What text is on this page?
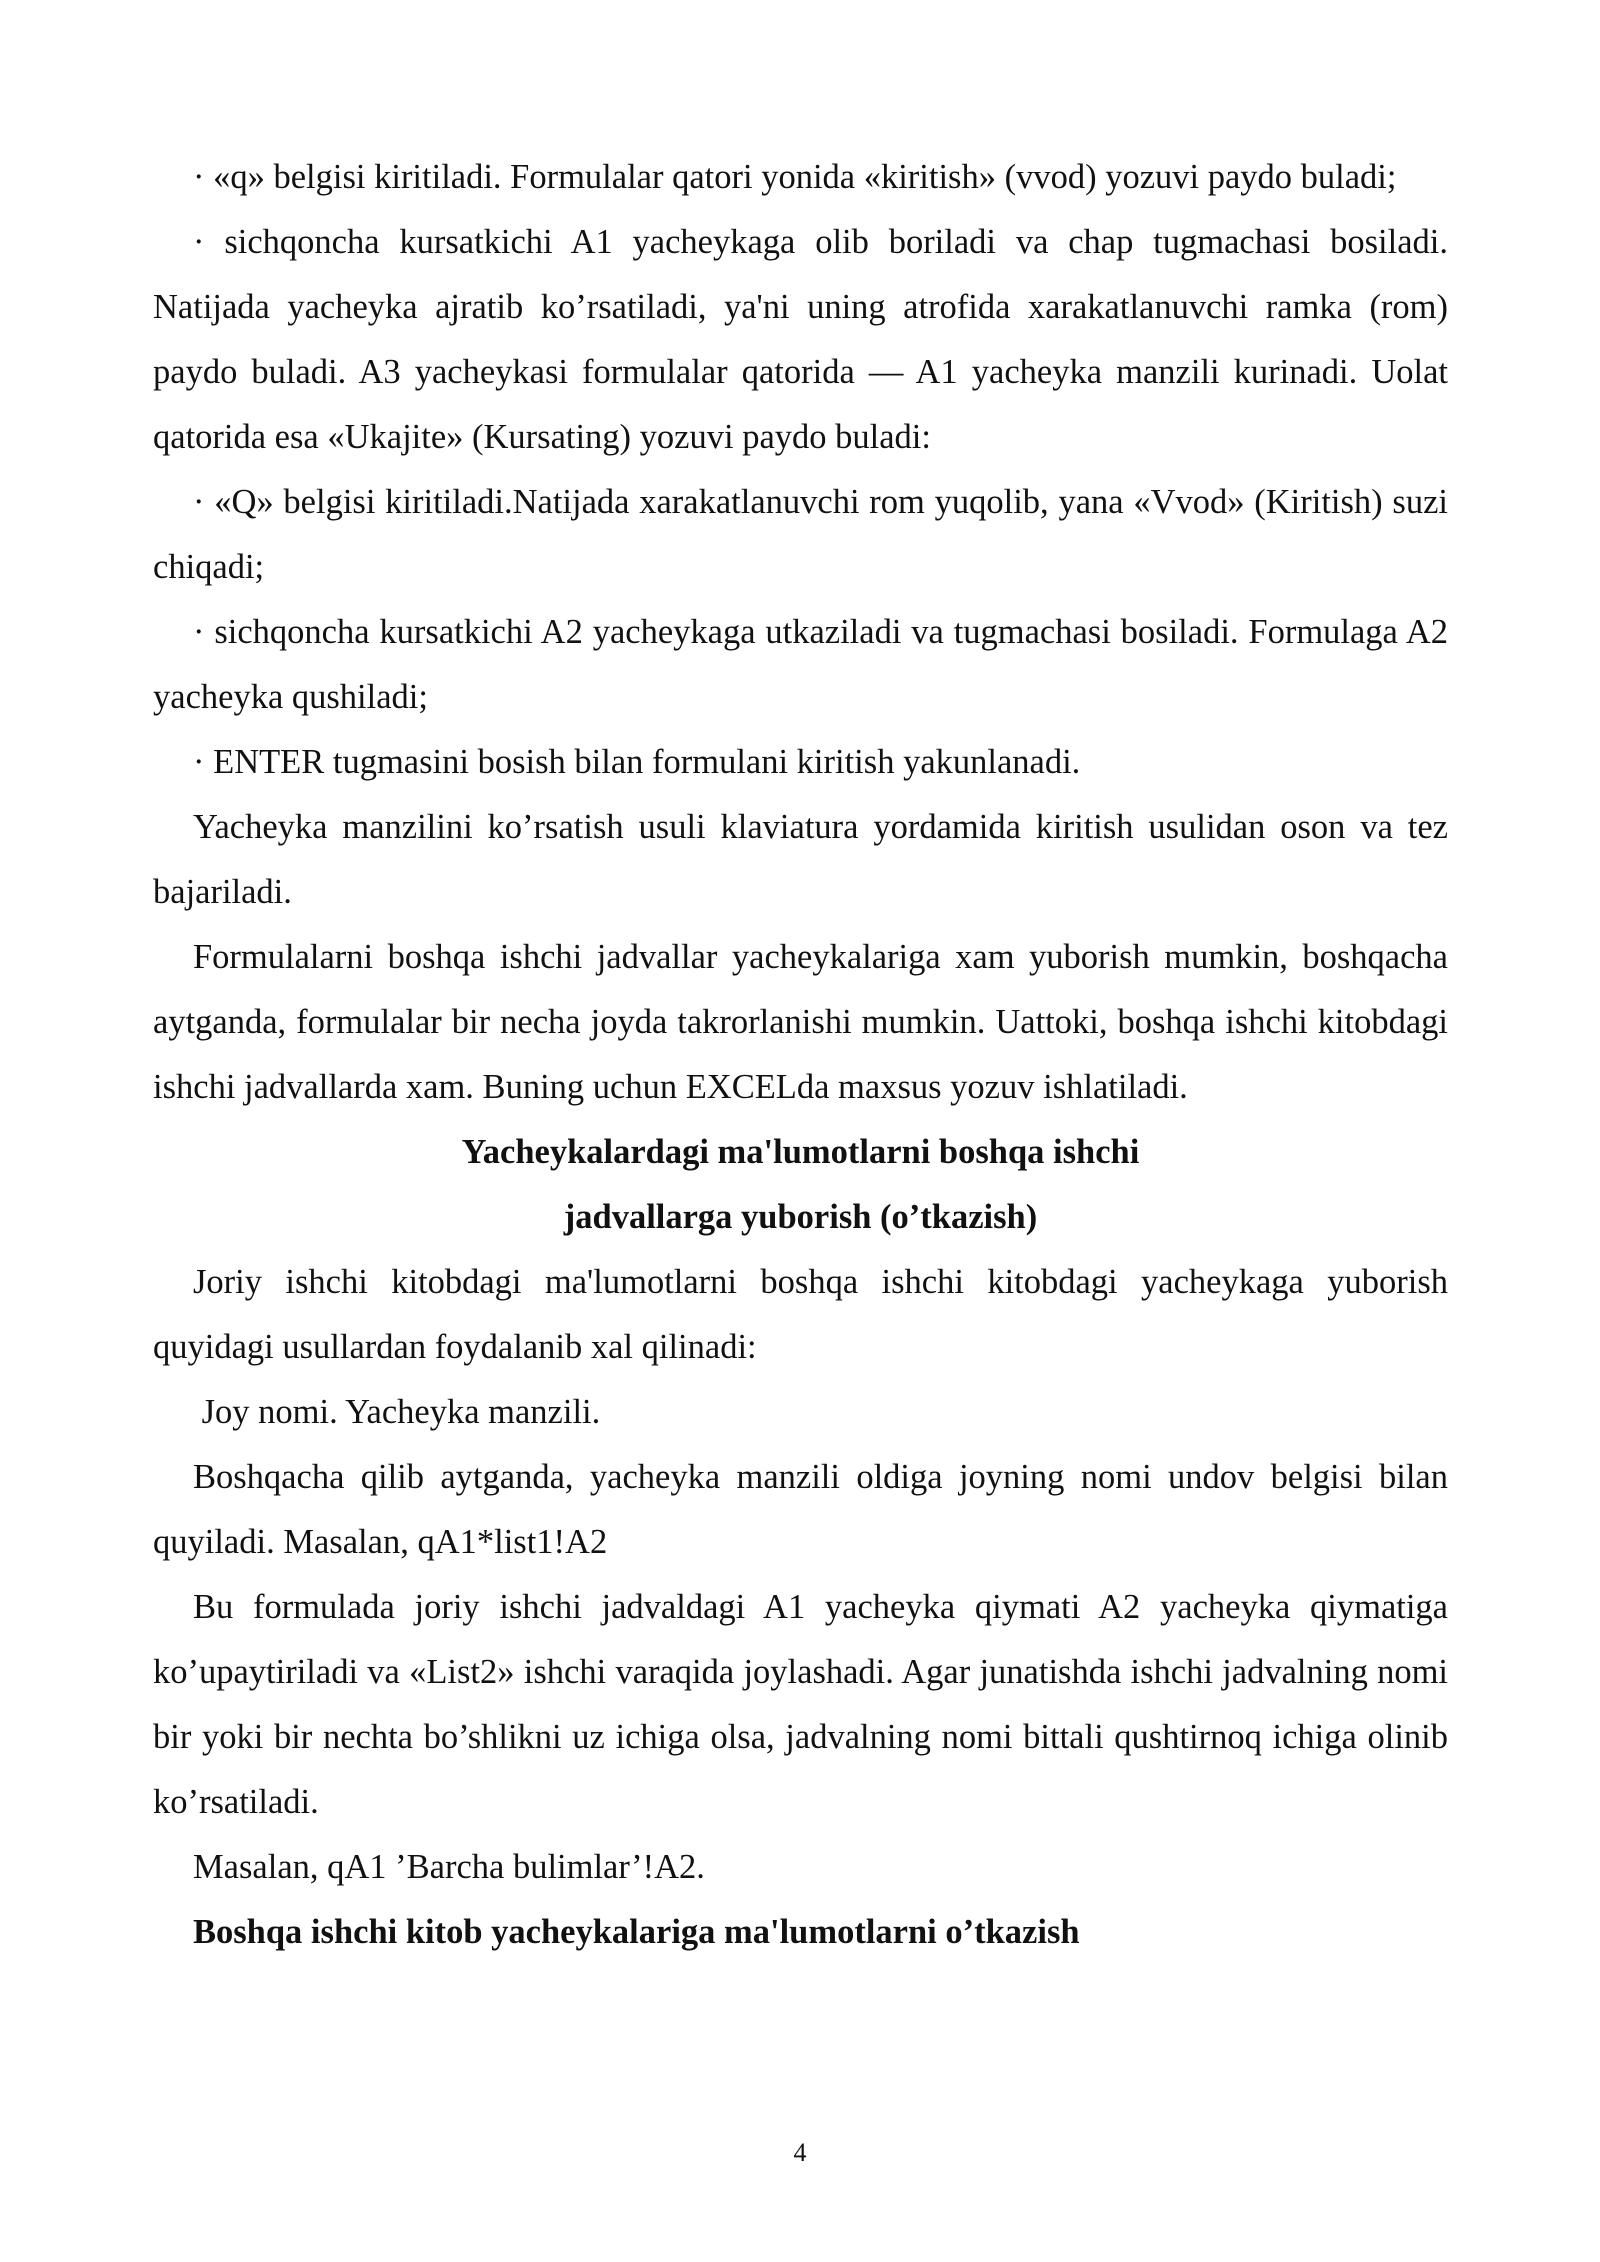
· «q» belgisi kiritiladi. Formulalar qatori yonida «kiritish» (vvod) yozuvi paydo buladi;

· sichqoncha kursatkichi A1 yacheykaga olib boriladi va chap tugmachasi bosiladi. Natijada yacheyka ajratib ko’rsatiladi, ya'ni uning atrofida xarakatlanuvchi ramka (rom) paydo buladi. A3 yacheykasi formulalar qatorida — A1 yacheyka manzili kurinadi. Uolat qatorida esa «Ukajite» (Kursating) yozuvi paydo buladi:

· «Q» belgisi kiritiladi.Natijada xarakatlanuvchi rom yuqolib, yana «Vvod» (Kiritish) suzi chiqadi;

· sichqoncha kursatkichi A2 yacheykaga utkaziladi va tugmachasi bosiladi. Formulaga A2 yacheyka qushiladi;

· ENTER tugmasini bosish bilan formulani kiritish yakunlanadi.

Yacheyka manzilini ko’rsatish usuli klaviatura yordamida kiritish usulidan oson va tez bajariladi.

Formulalarni boshqa ishchi jadvallar yacheykalariga xam yuborish mumkin, boshqacha aytganda, formulalar bir necha joyda takrorlanishi mumkin. Uattoki, boshqa ishchi kitobdagi ishchi jadvallarda xam. Buning uchun EXCELda maxsus yozuv ishlatiladi.

Yacheykalardagi ma'lumotlarni boshqa ishchi

jadvallarga yuborish (o’tkazish)

Joriy ishchi kitobdagi ma'lumotlarni boshqa ishchi kitobdagi yacheykaga yuborish quyidagi usullardan foydalanib xal qilinadi:

Joy nomi. Yacheyka manzili.

Boshqacha qilib aytganda, yacheyka manzili oldiga joyning nomi undov belgisi bilan quyiladi. Masalan, qA1*list1!A2

Bu formulada joriy ishchi jadvaldagi A1 yacheyka qiymati A2 yacheyka qiymatiga ko’upaytiriladi va «List2» ishchi varaqida joylashadi. Agar junatishda ishchi jadvalning nomi bir yoki bir nechta bo’shlikni uz ichiga olsa, jadvalning nomi bittali qushtirnoq ichiga olinib ko’rsatiladi.

Masalan, qA1 ’Barcha bulimlar’!A2.

Boshqa ishchi kitob yacheykalariga ma'lumotlarni o’tkazish

4
